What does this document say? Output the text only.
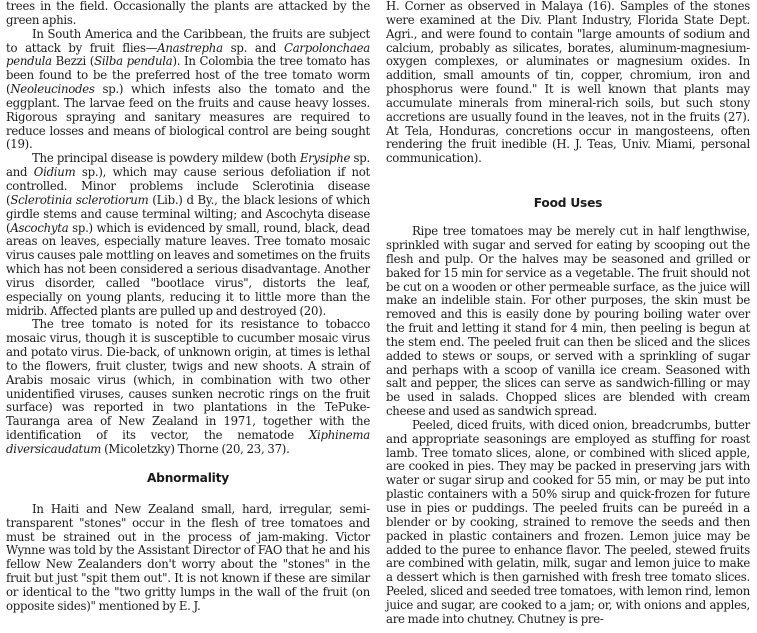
trees in the field. Occasionally the plants are attacked by the green aphis.

In South America and the Caribbean, the fruits are subject to attack by fruit flies—Anastrepha sp. and Carpolonchaea pendula Bezzi (Silba pendula). In Colombia the tree tomato has been found to be the preferred host of the tree tomato worm (Neoleucinodes sp.) which infests also the tomato and the eggplant. The larvae feed on the fruits and cause heavy losses. Rigorous spraying and sanitary measures are required to reduce losses and means of biological control are being sought (19).

The principal disease is powdery mildew (both Erysiphe sp. and Oidium sp.), which may cause serious defoliation if not controlled. Minor problems include Sclerotinia disease (Sclerotinia sclerotiorum (Lib.) d By., the black lesions of which girdle stems and cause terminal wilting; and Ascochyta disease (Ascochyta sp.) which is evidenced by small, round, black, dead areas on leaves, especially mature leaves. Tree tomato mosaic virus causes pale mottling on leaves and sometimes on the fruits which has not been considered a serious disadvantage. Another virus disorder, called "bootlace virus", distorts the leaf, especially on young plants, reducing it to little more than the midrib. Affected plants are pulled up and destroyed (20).

The tree tomato is noted for its resistance to tobacco mosaic virus, though it is susceptible to cucumber mosaic virus and potato virus. Die-back, of unknown origin, at times is lethal to the flowers, fruit cluster, twigs and new shoots. A strain of Arabis mosaic virus (which, in combination with two other unidentified viruses, causes sunken necrotic rings on the fruit surface) was reported in two plantations in the TePuke-Tauranga area of New Zealand in 1971, together with the identification of its vector, the nematode Xiphinema diversicaudatum (Micoletzky) Thorne (20, 23, 37).

Abnormality

In Haiti and New Zealand small, hard, irregular, semi-transparent "stones" occur in the flesh of tree tomatoes and must be strained out in the process of jam-making. Victor Wynne was told by the Assistant Director of FAO that he and his fellow New Zealanders don't worry about the "stones" in the fruit but just "spit them out". It is not known if these are similar or identical to the "two gritty lumps in the wall of the fruit (on opposite sides)" mentioned by E. J.

H. Corner as observed in Malaya (16). Samples of the stones were examined at the Div. Plant Industry, Florida State Dept. Agri., and were found to contain "large amounts of sodium and calcium, probably as silicates, borates, aluminum-magnesium-oxygen complexes, or aluminates or magnesium oxides. In addition, small amounts of tin, copper, chromium, iron and phosphorus were found." It is well known that plants may accumulate minerals from mineral-rich soils, but such stony accretions are usually found in the leaves, not in the fruits (27). At Tela, Honduras, concretions occur in mangosteens, often rendering the fruit inedible (H. J. Teas, Univ. Miami, personal communication).

Food Uses

Ripe tree tomatoes may be merely cut in half lengthwise, sprinkled with sugar and served for eating by scooping out the flesh and pulp. Or the halves may be seasoned and grilled or baked for 15 min for service as a vegetable. The fruit should not be cut on a wooden or other permeable surface, as the juice will make an indelible stain. For other purposes, the skin must be removed and this is easily done by pouring boiling water over the fruit and letting it stand for 4 min, then peeling is begun at the stem end. The peeled fruit can then be sliced and the slices added to stews or soups, or served with a sprinkling of sugar and perhaps with a scoop of vanilla ice cream. Seasoned with salt and pepper, the slices can serve as sandwich-filling or may be used in salads. Chopped slices are blended with cream cheese and used as sandwich spread.

Peeled, diced fruits, with diced onion, breadcrumbs, butter and appropriate seasonings are employed as stuffing for roast lamb. Tree tomato slices, alone, or combined with sliced apple, are cooked in pies. They may be packed in preserving jars with water or sugar sirup and cooked for 55 min, or may be put into plastic containers with a 50% sirup and quick-frozen for future use in pies or puddings. The peeled fruits can be pureéd in a blender or by cooking, strained to remove the seeds and then packed in plastic containers and frozen. Lemon juice may be added to the puree to enhance flavor. The peeled, stewed fruits are combined with gelatin, milk, sugar and lemon juice to make a dessert which is then garnished with fresh tree tomato slices. Peeled, sliced and seeded tree tomatoes, with lemon rind, lemon juice and sugar, are cooked to a jam; or, with onions and apples, are made into chutney. Chutney is pre-
